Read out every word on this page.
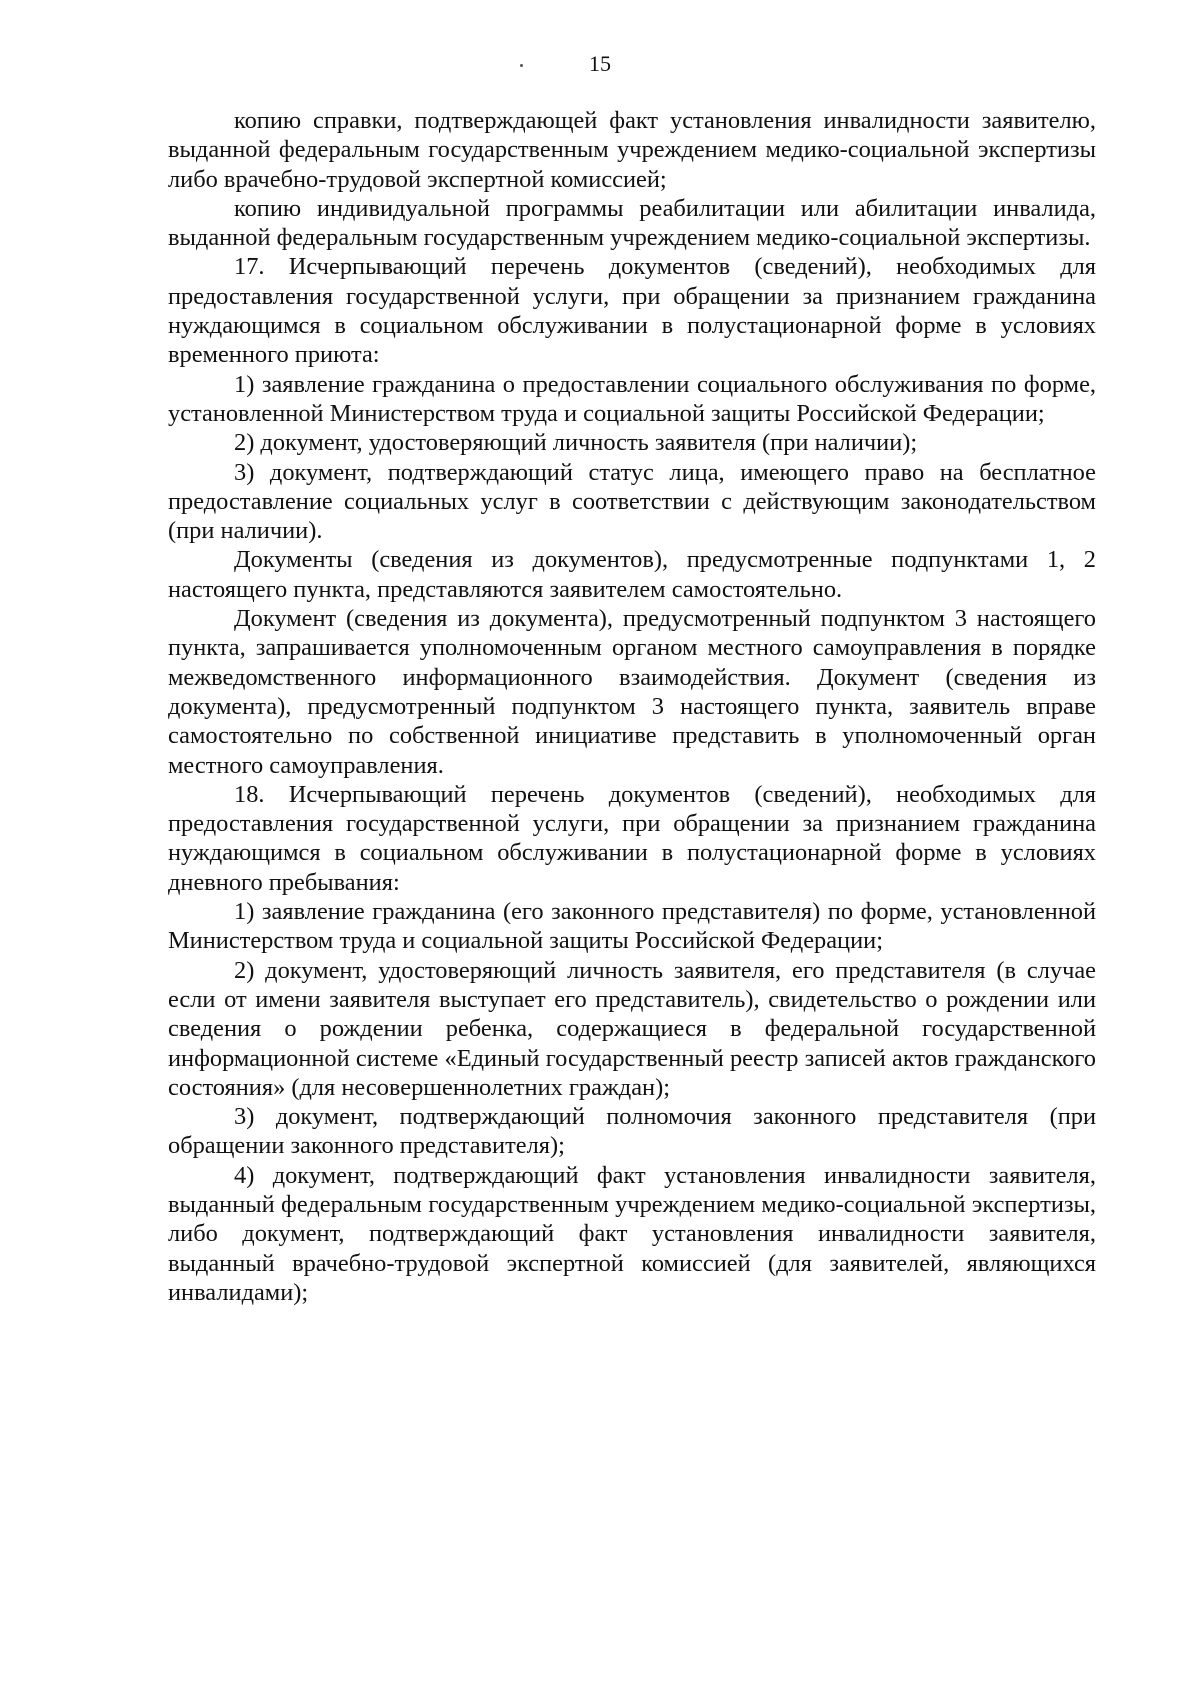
15

копию справки, подтверждающей факт установления инвалидности заявителю, выданной федеральным государственным учреждением медико-социальной экспертизы либо врачебно-трудовой экспертной комиссией;

копию индивидуальной программы реабилитации или абилитации инвалида, выданной федеральным государственным учреждением медико-социальной экспертизы.

17. Исчерпывающий перечень документов (сведений), необходимых для предоставления государственной услуги, при обращении за признанием гражданина нуждающимся в социальном обслуживании в полустационарной форме в условиях временного приюта:

1) заявление гражданина о предоставлении социального обслуживания по форме, установленной Министерством труда и социальной защиты Российской Федерации;

2) документ, удостоверяющий личность заявителя (при наличии);

3) документ, подтверждающий статус лица, имеющего право на бесплатное предоставление социальных услуг в соответствии с действующим законодательством (при наличии).

Документы (сведения из документов), предусмотренные подпунктами 1, 2 настоящего пункта, представляются заявителем самостоятельно.

Документ (сведения из документа), предусмотренный подпунктом 3 настоящего пункта, запрашивается уполномоченным органом местного самоуправления в порядке межведомственного информационного взаимодействия. Документ (сведения из документа), предусмотренный подпунктом 3 настоящего пункта, заявитель вправе самостоятельно по собственной инициативе представить в уполномоченный орган местного самоуправления.

18. Исчерпывающий перечень документов (сведений), необходимых для предоставления государственной услуги, при обращении за признанием гражданина нуждающимся в социальном обслуживании в полустационарной форме в условиях дневного пребывания:

1) заявление гражданина (его законного представителя) по форме, установленной Министерством труда и социальной защиты Российской Федерации;

2) документ, удостоверяющий личность заявителя, его представителя (в случае если от имени заявителя выступает его представитель), свидетельство о рождении или сведения о рождении ребенка, содержащиеся в федеральной государственной информационной системе «Единый государственный реестр записей актов гражданского состояния» (для несовершеннолетних граждан);

3) документ, подтверждающий полномочия законного представителя (при обращении законного представителя);

4) документ, подтверждающий факт установления инвалидности заявителя, выданный федеральным государственным учреждением медико-социальной экспертизы, либо документ, подтверждающий факт установления инвалидности заявителя, выданный врачебно-трудовой экспертной комиссией (для заявителей, являющихся инвалидами);
